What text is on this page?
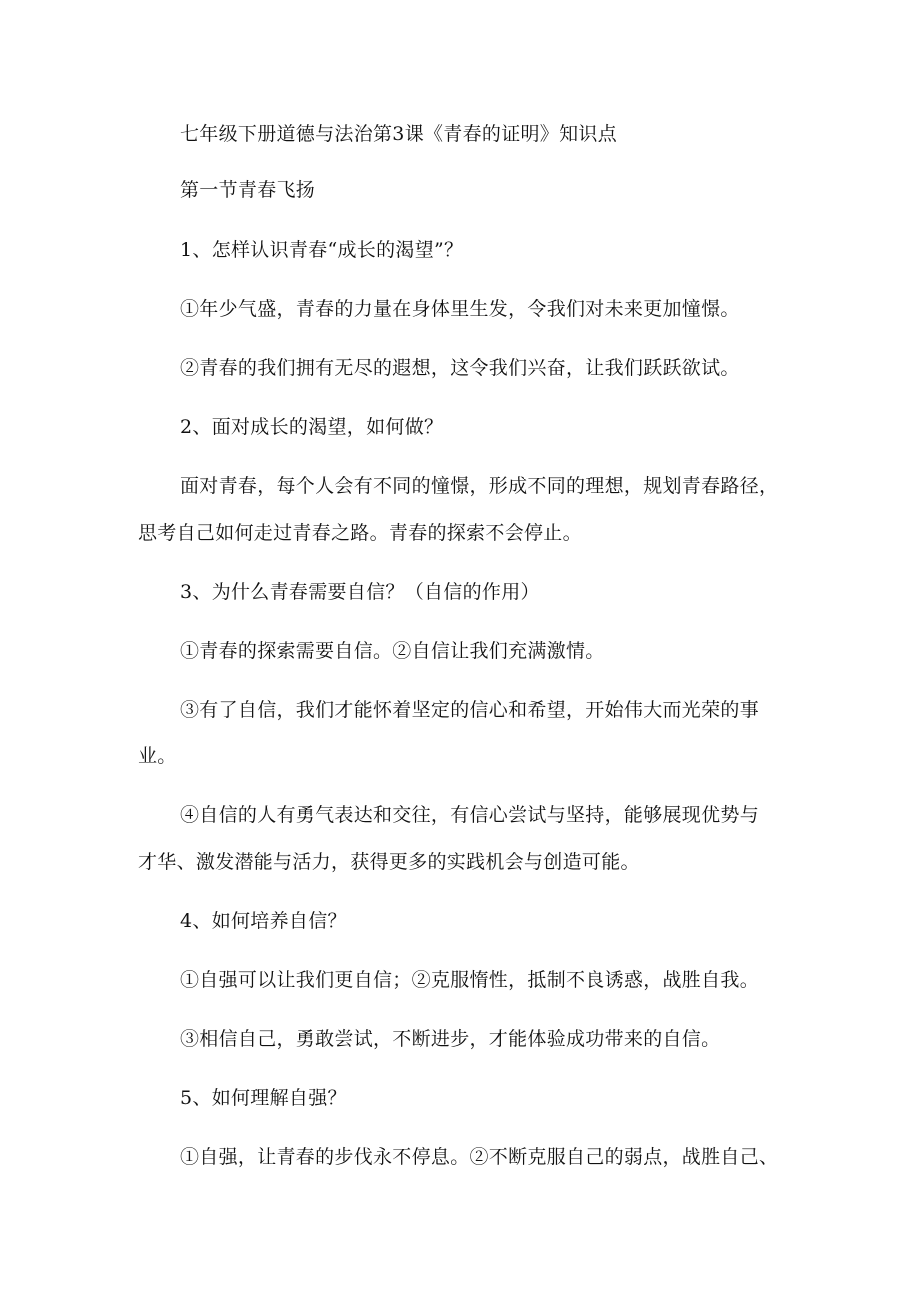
七年级下册道德与法治第3课《青春的证明》知识点
第一节青春飞扬
1、怎样认识青春“成长的渴望”？
①年少气盛，青春的力量在身体里生发，令我们对未来更加憧憬。
②青春的我们拥有无尽的遐想，这令我们兴奋，让我们跃跃欲试。
2、面对成长的渴望，如何做？
面对青春，每个人会有不同的憧憬，形成不同的理想，规划青春路径，
思考自己如何走过青春之路。青春的探索不会停止。
3、为什么青春需要自信？（自信的作用）
①青春的探索需要自信。②自信让我们充满激情。
③有了自信，我们才能怀着坚定的信心和希望，开始伟大而光荣的事
业。
④自信的人有勇气表达和交往，有信心尝试与坚持，能够展现优势与
才华、激发潜能与活力，获得更多的实践机会与创造可能。
4、如何培养自信？
①自强可以让我们更自信；②克服惰性，抵制不良诱惑，战胜自我。
③相信自己，勇敢尝试，不断进步，才能体验成功带来的自信。
5、如何理解自强？
①自强，让青春的步伐永不停息。②不断克服自己的弱点，战胜自己、
